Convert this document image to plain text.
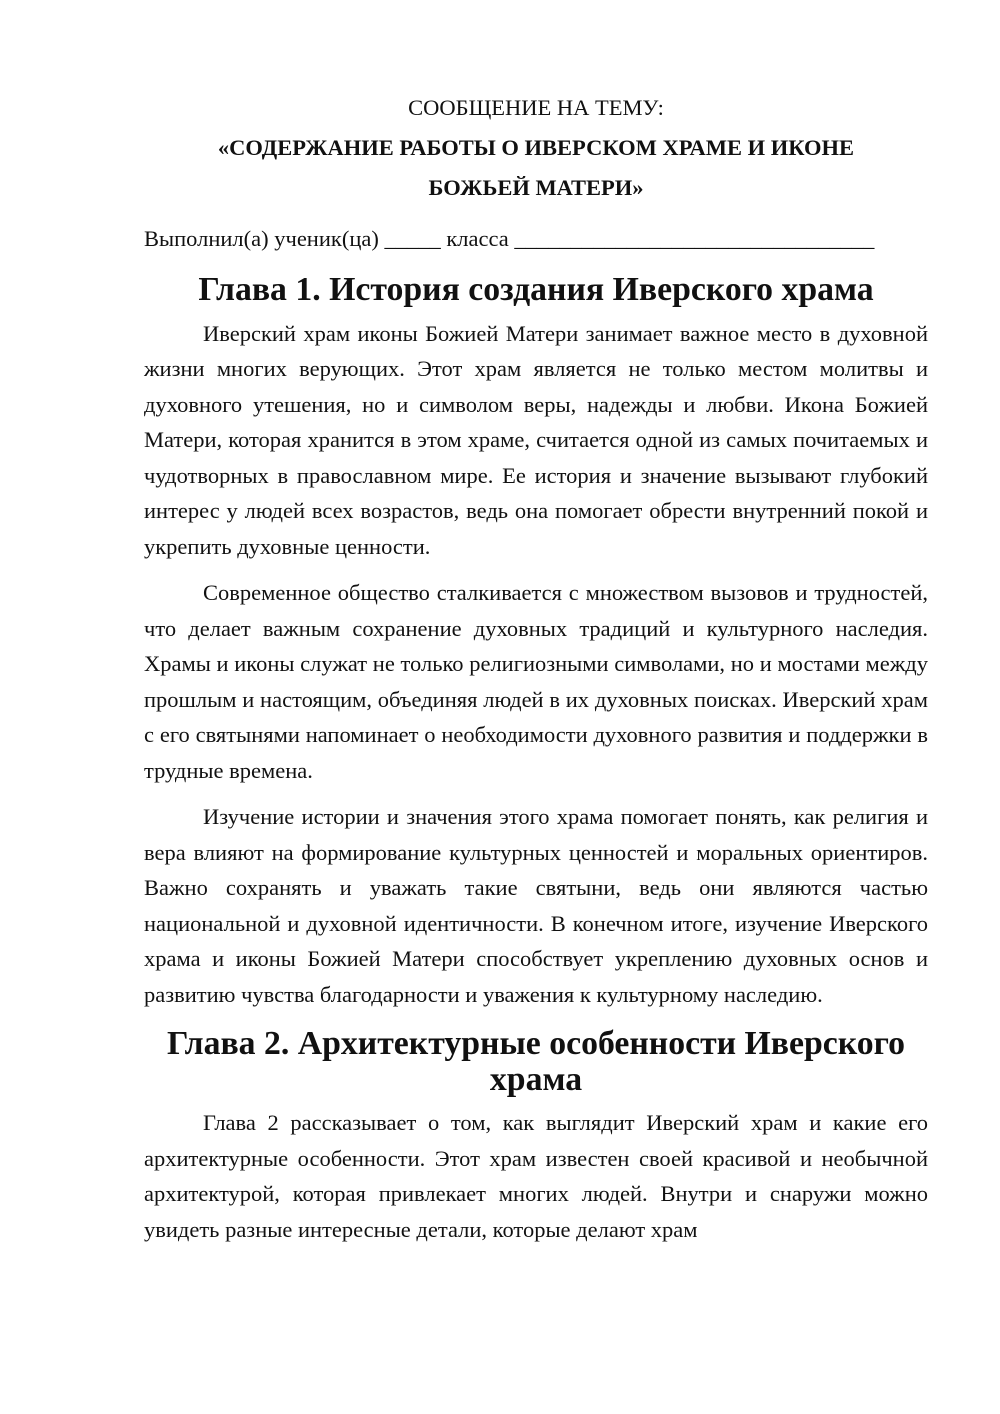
СООБЩЕНИЕ НА ТЕМУ:
«СОДЕРЖАНИЕ РАБОТЫ О ИВЕРСКОМ ХРАМЕ И ИКОНЕ
БОЖЬЕЙ МАТЕРИ»

Выполнил(а) ученик(ца) _____ класса ________________________________

Глава 1. История создания Иверского храма

Иверский храм иконы Божией Матери занимает важное место в духовной жизни многих верующих. Этот храм является не только местом молитвы и духовного утешения, но и символом веры, надежды и любви. Икона Божией Матери, которая хранится в этом храме, считается одной из самых почитаемых и чудотворных в православном мире. Ее история и значение вызывают глубокий интерес у людей всех возрастов, ведь она помогает обрести внутренний покой и укрепить духовные ценности.

Современное общество сталкивается с множеством вызовов и трудностей, что делает важным сохранение духовных традиций и культурного наследия. Храмы и иконы служат не только религиозными символами, но и мостами между прошлым и настоящим, объединяя людей в их духовных поисках. Иверский храм с его святынями напоминает о необходимости духовного развития и поддержки в трудные времена.

Изучение истории и значения этого храма помогает понять, как религия и вера влияют на формирование культурных ценностей и моральных ориентиров. Важно сохранять и уважать такие святыни, ведь они являются частью национальной и духовной идентичности. В конечном итоге, изучение Иверского храма и иконы Божией Матери способствует укреплению духовных основ и развитию чувства благодарности и уважения к культурному наследию.

Глава 2. Архитектурные особенности Иверского храма

Глава 2 рассказывает о том, как выглядит Иверский храм и какие его архитектурные особенности. Этот храм известен своей красивой и необычной архитектурой, которая привлекает многих людей. Внутри и снаружи можно увидеть разные интересные детали, которые делают храм
